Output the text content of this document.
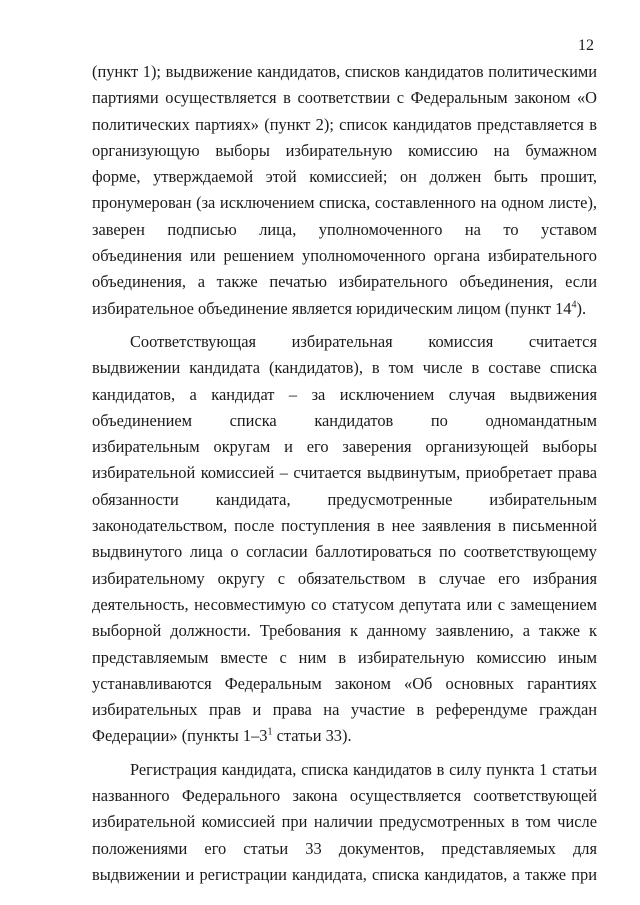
12
(пункт 1); выдвижение кандидатов, списков кандидатов политическими
партиями осуществляется в соответствии с Федеральным законом «О
политических партиях» (пункт 2); список кандидатов представляется в
организующую выборы избирательную комиссию на бумажном
форме, утверждаемой этой комиссией; он должен быть прошит,
пронумерован (за исключением списка, составленного на одном листе),
заверен подписью лица, уполномоченного на то уставом
объединения или решением уполномоченного органа избирательного
объединения, а также печатью избирательного объединения, если
избирательное объединение является юридическим лицом (пункт $14^4$).
Соответствующая избирательная комиссия считается
выдвижении кандидата (кандидатов), в том числе в составе списка
кандидатов, а кандидат – за исключением случая выдвижения
объединением списка кандидатов по одномандатным
избирательным округам и его заверения организующей выборы
избирательной комиссией – считается выдвинутым, приобретает права
обязанности кандидата, предусмотренные избирательным
законодательством, после поступления в нее заявления в письменной
выдвинутого лица о согласии баллотироваться по соответствующему
избирательному округу с обязательством в случае его избрания
деятельность, несовместимую со статусом депутата или с замещением
выборной должности. Требования к данному заявлению, а также к
представляемым вместе с ним в избирательную комиссию иным
устанавливаются Федеральным законом «Об основных гарантиях
избирательных прав и права на участие в референдуме граждан
Федерации» (пункты $1-3^1$ статьи 33).
Регистрация кандидата, списка кандидатов в силу пункта 1 статьи
названного Федерального закона осуществляется соответствующей
избирательной комиссией при наличии предусмотренных в том числе
положениями его статьи 33 документов, представляемых для
выдвижении и регистрации кандидата, списка кандидатов, а также при
